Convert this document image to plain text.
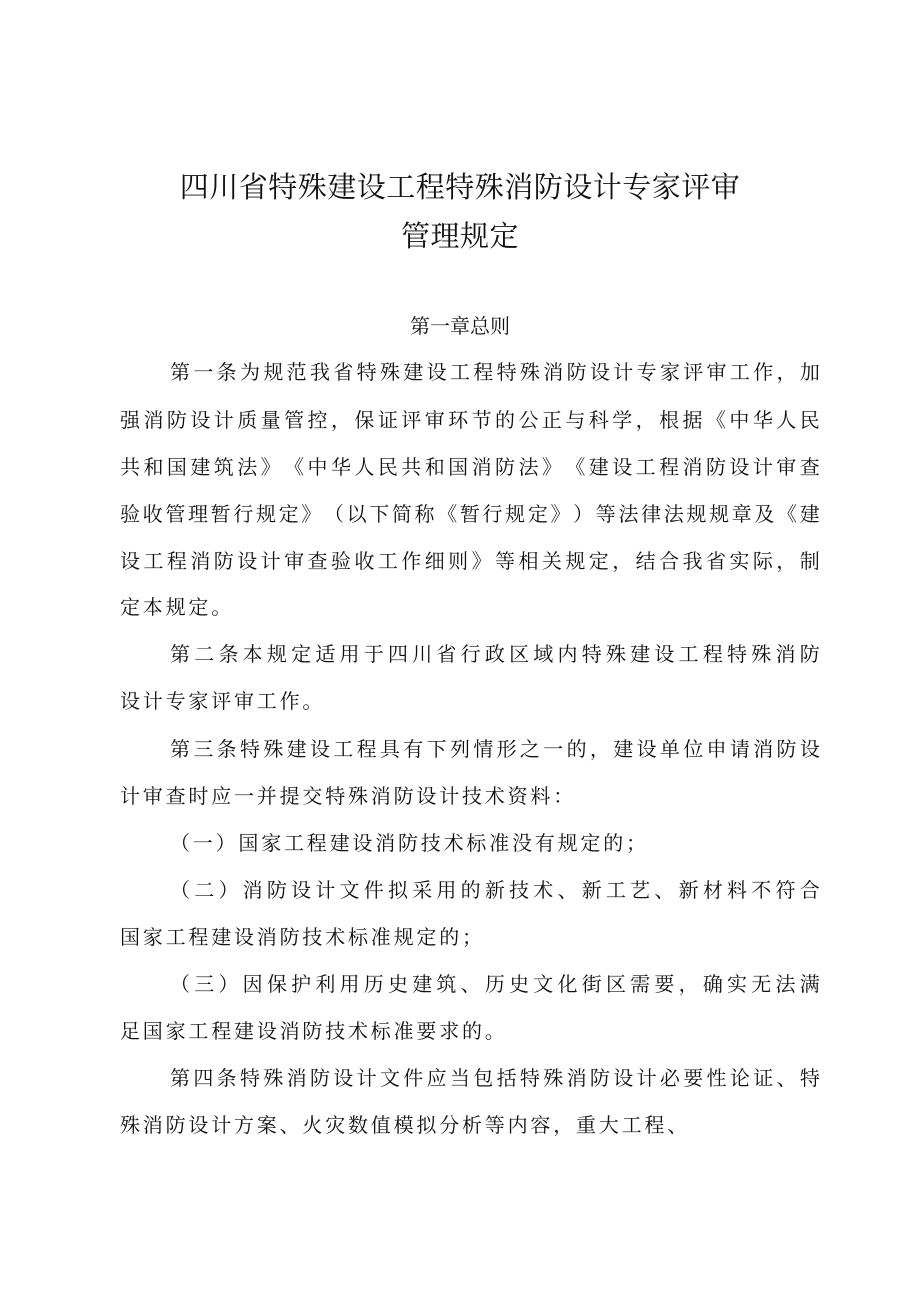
四川省特殊建设工程特殊消防设计专家评审
管理规定
第一章总则
第 一 条 为 规 范 我 省 特 殊 建 设 工 程 特 殊 消 防 设 计 专 家 评 审 工 作 ， 加
强 消 防 设 计 质 量 管 控 ， 保 证 评 审 环 节 的 公 正 与 科 学 ， 根 据 《 中 华 人 民
共 和 国 建 筑 法 》 《 中 华 人 民 共 和 国 消 防 法 》 《 建 设 工 程 消 防 设 计 审 查
验 收 管 理 暂 行 规 定 》 （ 以 下 简 称 《 暂 行 规 定 》 ） 等 法 律 法 规 规 章 及 《 建
设 工 程 消 防 设 计 审 查 验 收 工 作 细 则 》 等 相 关 规 定 ， 结 合 我 省 实 际 ， 制
定本规定。
第 二 条 本 规 定 适 用 于 四 川 省 行 政 区 域 内 特 殊 建 设 工 程 特 殊 消 防
设计专家评审工作。
第 三 条 特 殊 建 设 工 程 具 有 下 列 情 形 之 一 的 ， 建 设 单 位 申 请 消 防 设
计审查时应一并提交特殊消防设计技术资料：
（一）国家工程建设消防技术标准没有规定的；
（ 二 ） 消 防 设 计 文 件 拟 采 用 的 新 技 术 、 新 工 艺 、 新 材 料 不 符 合
国家工程建设消防技术标准规定的；
（ 三 ） 因 保 护 利 用 历 史 建 筑 、 历 史 文 化 街 区 需 要 ， 确 实 无 法 满
足国家工程建设消防技术标准要求的。
第 四 条 特 殊 消 防 设 计 文 件 应 当 包 括 特 殊 消 防 设 计 必 要 性 论 证 、 特
殊消防设计方案、火灾数值模拟分析等内容，重大工程、
